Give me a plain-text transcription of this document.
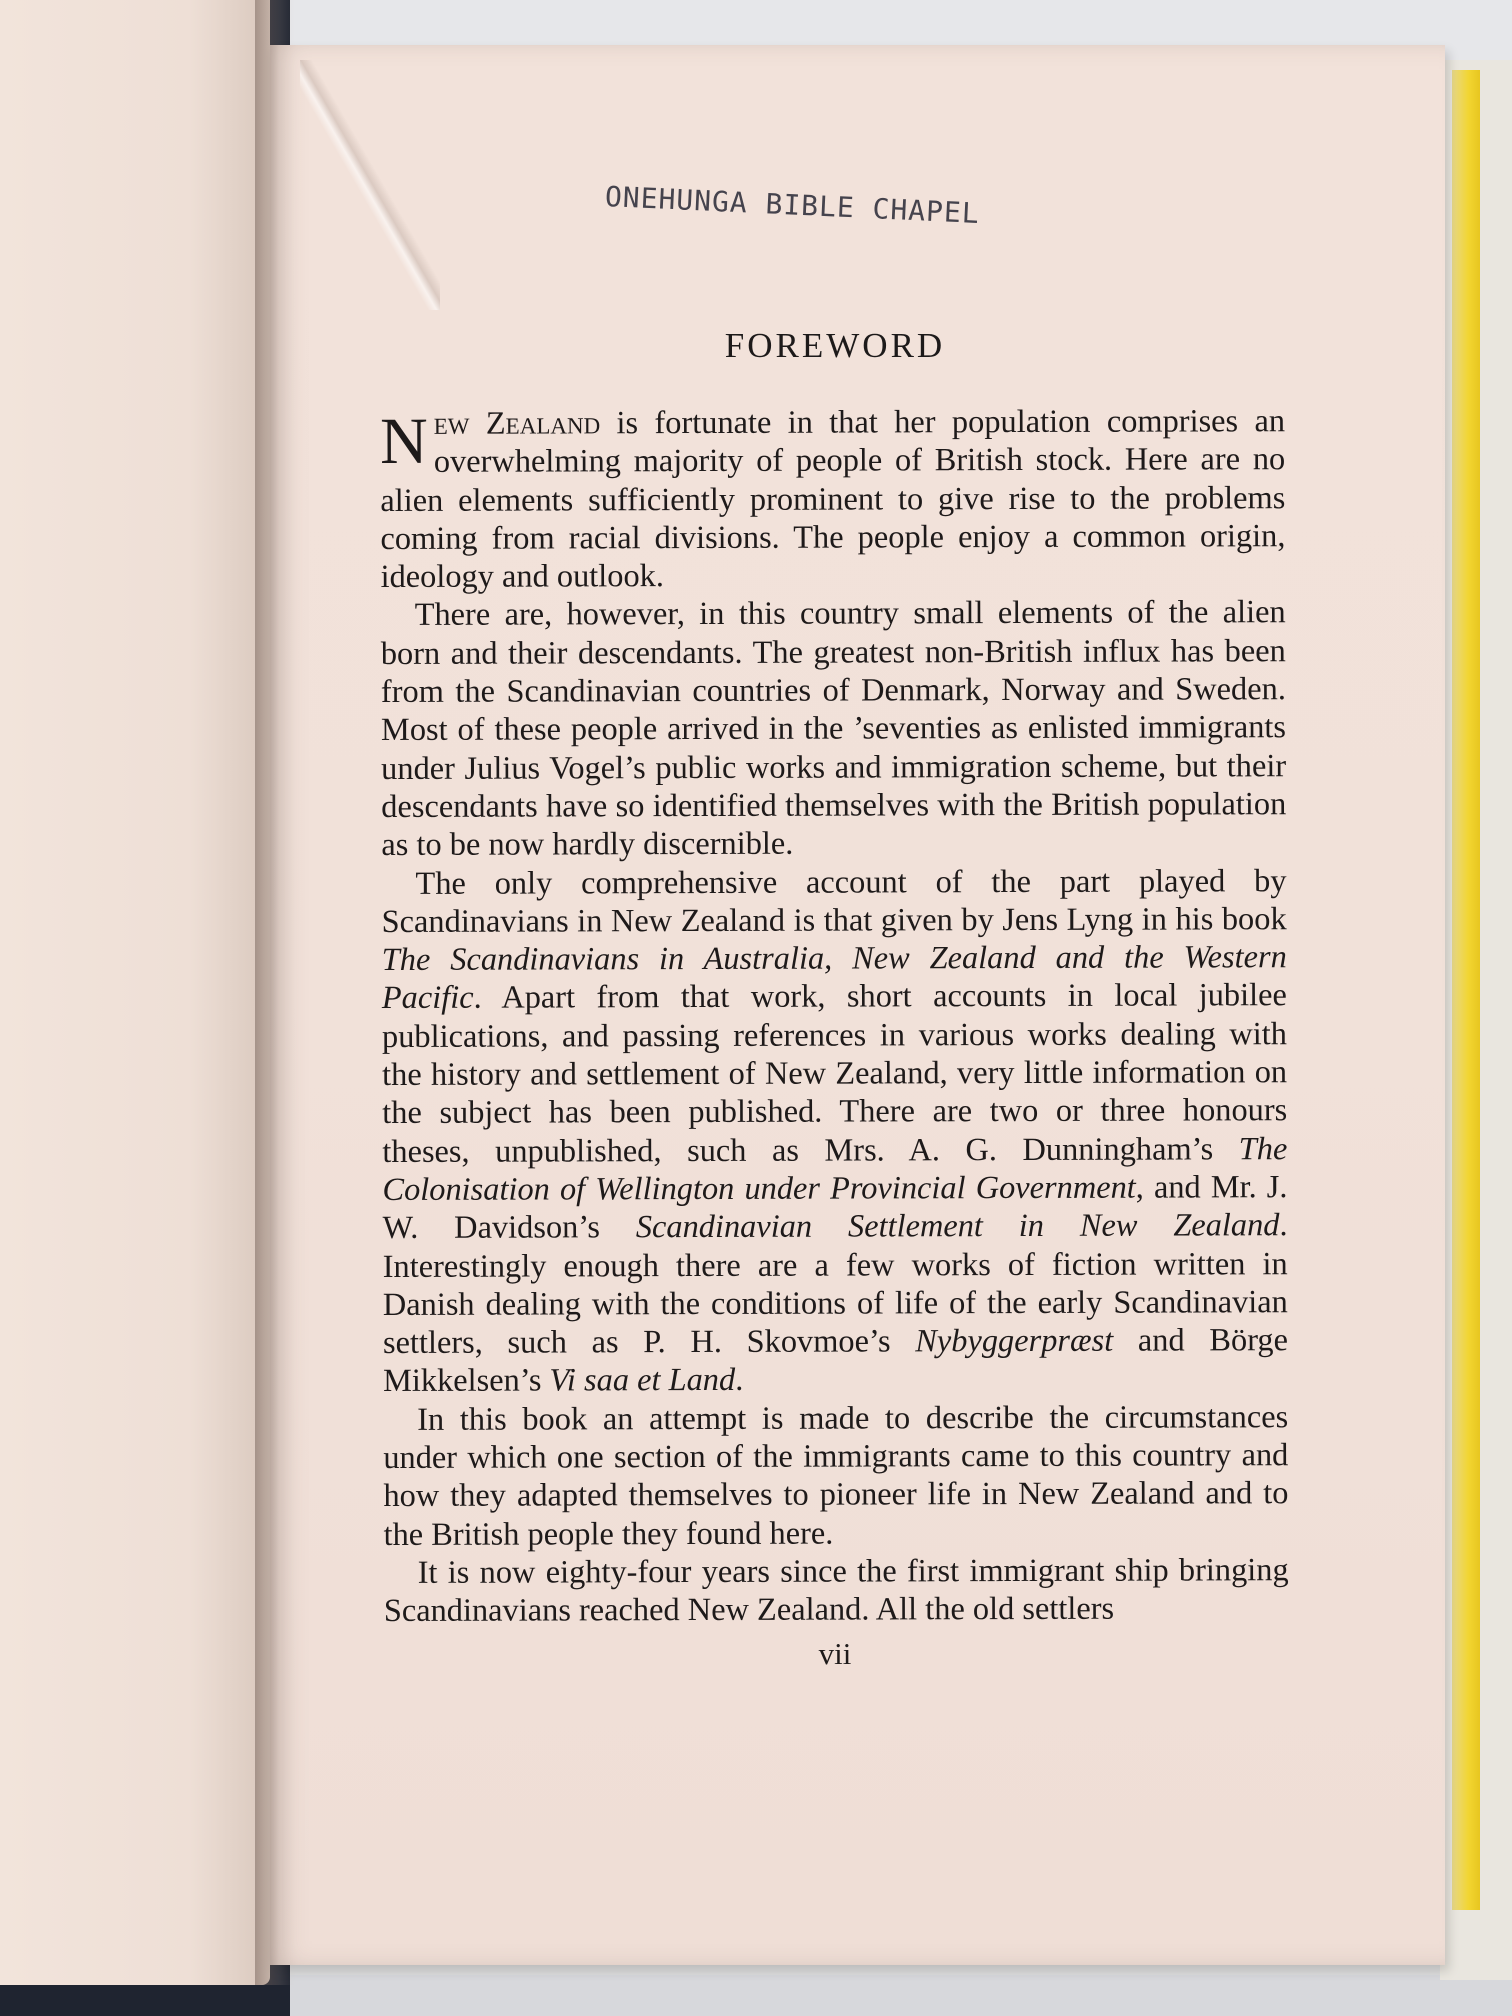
ONEHUNGA BIBLE CHAPEL
FOREWORD

New Zealand is fortunate in that her population comprises an overwhelming majority of people of British stock. Here are no alien elements sufficiently prominent to give rise to the problems coming from racial divisions. The people enjoy a common origin, ideology and outlook.

There are, however, in this country small elements of the alien born and their descendants. The greatest non-British influx has been from the Scandinavian countries of Denmark, Norway and Sweden. Most of these people arrived in the ’seventies as enlisted immigrants under Julius Vogel’s public works and immigration scheme, but their descendants have so identified themselves with the British population as to be now hardly discernible.

The only comprehensive account of the part played by Scandinavians in New Zealand is that given by Jens Lyng in his book The Scandinavians in Australia, New Zealand and the Western Pacific. Apart from that work, short accounts in local jubilee publications, and passing references in various works dealing with the history and settlement of New Zealand, very little information on the subject has been published. There are two or three honours theses, unpublished, such as Mrs. A. G. Dunningham’s The Colonisation of Wellington under Provincial Government, and Mr. J. W. Davidson’s Scandinavian Settlement in New Zealand. Interestingly enough there are a few works of fiction written in Danish dealing with the conditions of life of the early Scandinavian settlers, such as P. H. Skovmoe’s Nybyggerpræst and Börge Mikkelsen’s Vi saa et Land.

In this book an attempt is made to describe the circumstances under which one section of the immigrants came to this country and how they adapted themselves to pioneer life in New Zealand and to the British people they found here.

It is now eighty-four years since the first immigrant ship bringing Scandinavians reached New Zealand. All the old settlers

vii
